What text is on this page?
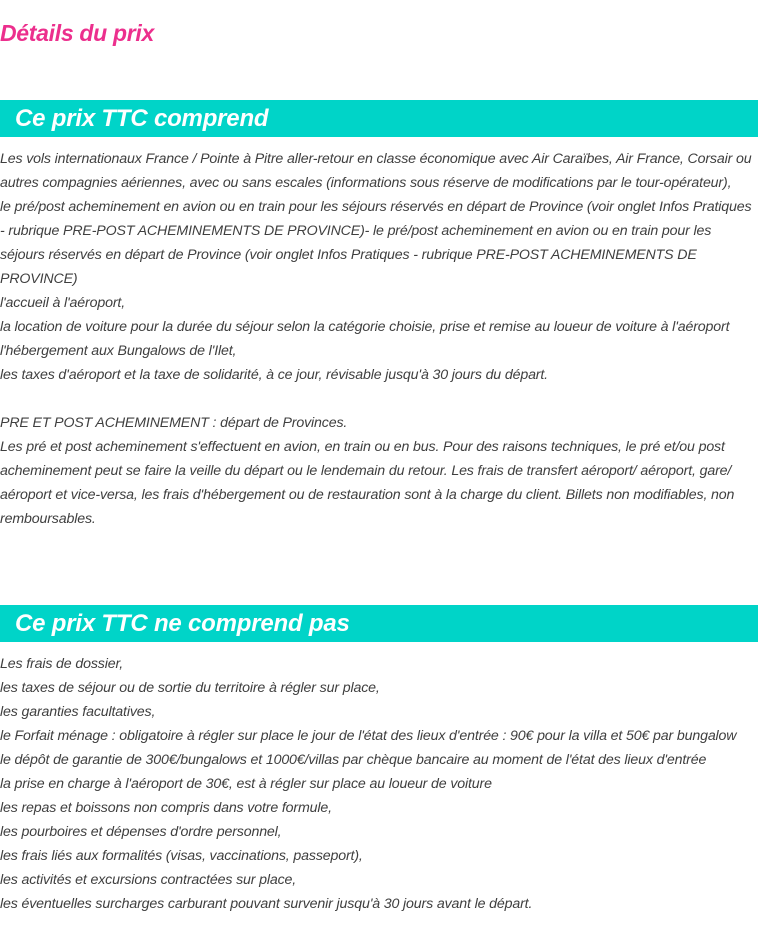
Détails du prix
Ce prix TTC comprend

Les vols internationaux France / Pointe à Pitre aller-retour en classe économique avec Air Caraïbes, Air France, Corsair ou autres compagnies aériennes, avec ou sans escales (informations sous réserve de modifications par le tour-opérateur),

le pré/post acheminement en avion ou en train pour les séjours réservés en départ de Province (voir onglet Infos Pratiques - rubrique PRE-POST ACHEMINEMENTS DE PROVINCE)- le pré/post acheminement en avion ou en train pour les séjours réservés en départ de Province (voir onglet Infos Pratiques - rubrique PRE-POST ACHEMINEMENTS DE PROVINCE)

l'accueil à l'aéroport,

la location de voiture pour la durée du séjour selon la catégorie choisie, prise et remise au loueur de voiture à l'aéroport

l'hébergement aux Bungalows de l'Ilet,

les taxes d'aéroport et la taxe de solidarité, à ce jour, révisable jusqu'à 30 jours du départ.

PRE ET POST ACHEMINEMENT : départ de Provinces.

Les pré et post acheminement s'effectuent en avion, en train ou en bus. Pour des raisons techniques, le pré et/ou post acheminement peut se faire la veille du départ ou le lendemain du retour. Les frais de transfert aéroport/ aéroport, gare/ aéroport et vice-versa, les frais d'hébergement ou de restauration sont à la charge du client. Billets non modifiables, non remboursables.

Ce prix TTC ne comprend pas

Les frais de dossier,

les taxes de séjour ou de sortie du territoire à régler sur place,

les garanties facultatives,

le Forfait ménage : obligatoire à régler sur place le jour de l'état des lieux d'entrée : 90€ pour la villa et 50€ par bungalow

le dépôt de garantie de 300€/bungalows et 1000€/villas par chèque bancaire au moment de l'état des lieux d'entrée

la prise en charge à l'aéroport de 30€, est à régler sur place au loueur de voiture

les repas et boissons non compris dans votre formule,

les pourboires et dépenses d'ordre personnel,

les frais liés aux formalités (visas, vaccinations, passeport),

les activités et excursions contractées sur place,

les éventuelles surcharges carburant pouvant survenir jusqu'à 30 jours avant le départ.
